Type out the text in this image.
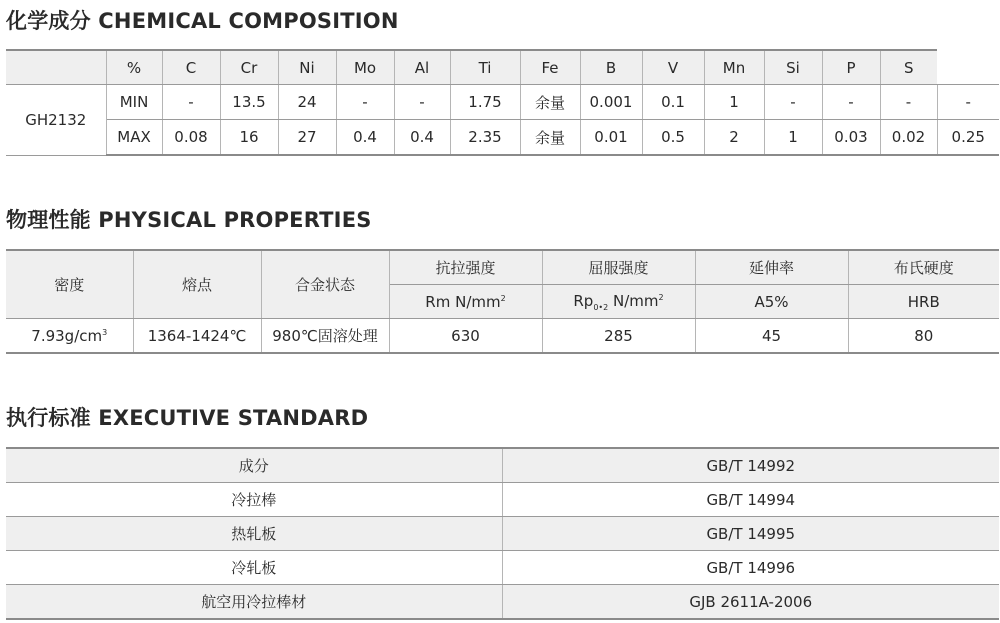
化学成分 CHEMICAL COMPOSITION
	%	C	Cr	Ni	Mo	Al	Ti	Fe	B	V	Mn	Si	P	S	
GH2132	MIN	-	13.5	24	-	-	1.75	余量	0.001	0.1	1	-	-	-	-
	MAX	0.08	16	27	0.4	0.4	2.35	余量	0.01	0.5	2	1	0.03	0.02	0.25
物理性能 PHYSICAL PROPERTIES
密度	熔点	合金状态	抗拉强度	屈服强度	延伸率	布氏硬度
			Rm $N/mm^2$	$Rp_{0•2}$ $N/mm^2$	A5%	HRB
$7.93g/cm^3$	1364-1424℃	980℃固溶处理	630	285	45	80
执行标准 EXECUTIVE STANDARD
成分	GB/T 14992
冷拉棒	GB/T 14994
热轧板	GB/T 14995
冷轧板	GB/T 14996
航空用冷拉棒材	GJB 2611A-2006
